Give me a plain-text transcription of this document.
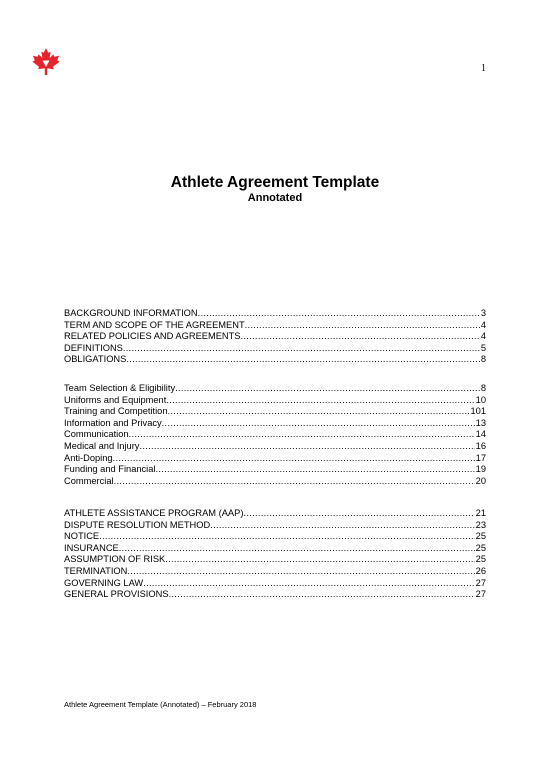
1
Athlete Agreement Template
Annotated
BACKGROUND INFORMATION .....	3
TERM AND SCOPE OF THE AGREEMENT .....	4
RELATED POLICIES AND AGREEMENTS .....	4
DEFINITIONS .....	5
OBLIGATIONS .....	8
Team Selection & Eligibility .....	8
Uniforms and Equipment .....	10
Training and Competition .....	101
Information and Privacy .....	13
Communication .....	14
Medical and Injury .....	16
Anti-Doping .....	17
Funding and Financial .....	19
Commercial .....	20
ATHLETE ASSISTANCE PROGRAM (AAP) .....	21
DISPUTE RESOLUTION METHOD .....	23
NOTICE .....	25
INSURANCE .....	25
ASSUMPTION OF RISK .....	25
TERMINATION .....	26
GOVERNING LAW .....	27
GENERAL PROVISIONS .....	27
Athlete Agreement Template (Annotated) – February 2018
